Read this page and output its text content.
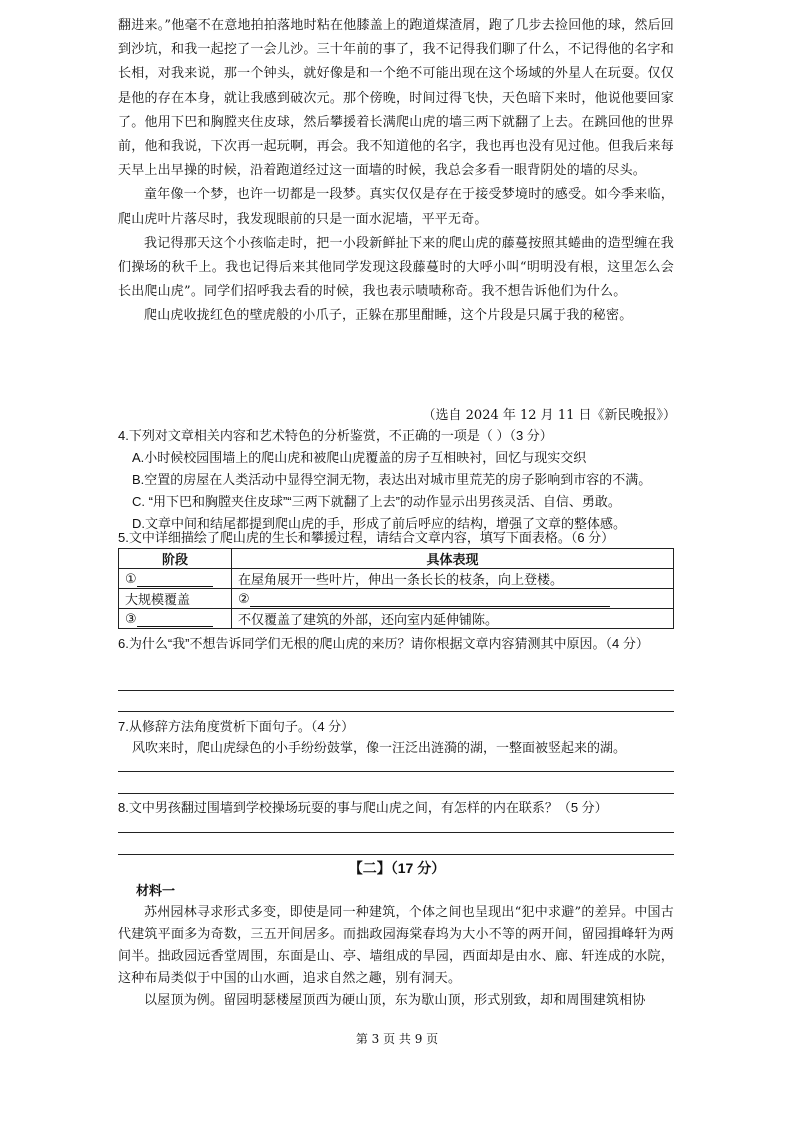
翻进来。”他毫不在意地拍拍落地时粘在他膝盖上的跑道煤渣屑，跑了几步去捡回他的球，然后回到沙坑，和我一起挖了一会儿沙。三十年前的事了，我不记得我们聊了什么，不记得他的名字和长相，对我来说，那一个钟头，就好像是和一个绝不可能出现在这个场域的外星人在玩耍。仅仅是他的存在本身，就让我感到破次元。那个傍晚，时间过得飞快，天色暗下来时，他说他要回家了。他用下巴和胸膛夹住皮球，然后攀援着长满爬山虎的墙三两下就翻了上去。在跳回他的世界前，他和我说，下次再一起玩啊，再会。我不知道他的名字，我也再也没有见过他。但我后来每天早上出早操的时候，沿着跑道经过这一面墙的时候，我总会多看一眼背阴处的墙的尽头。

童年像一个梦，也许一切都是一段梦。真实仅仅是存在于接受梦境时的感受。如今季来临，爬山虎叶片落尽时，我发现眼前的只是一面水泥墙，平平无奇。

我记得那天这个小孩临走时，把一小段新鲜扯下来的爬山虎的藤蔓按照其蜷曲的造型缠在我们操场的秋千上。我也记得后来其他同学发现这段藤蔓时的大呼小叫“明明没有根，这里怎么会长出爬山虎”。同学们招呼我去看的时候，我也表示啧啧称奇。我不想告诉他们为什么。

爬山虎收拢红色的壁虎般的小爪子，正躲在那里酣睡，这个片段是只属于我的秘密。

（选自 2024 年 12 月 11 日《新民晚报》）
4.下列对文章相关内容和艺术特色的分析鉴赏，不正确的一项是（ ）（3 分）
A.小时候校园围墙上的爬山虎和被爬山虎覆盖的房子互相映衬，回忆与现实交织
B.空置的房屋在人类活动中显得空洞无物，表达出对城市里荒芜的房子影响到市容的不满。
C. “用下巴和胸膛夹住皮球”“三两下就翻了上去”的动作显示出男孩灵活、自信、勇敢。
D.文章中间和结尾都提到爬山虎的手，形成了前后呼应的结构，增强了文章的整体感。
5.文中详细描绘了爬山虎的生长和攀援过程，请结合文章内容，填写下面表格。（6 分）
阶段	具体表现
①	在屋角展开一些叶片，伸出一条长长的枝条，向上登楼。
大规模覆盖	②
③	不仅覆盖了建筑的外部，还向室内延伸铺陈。
6.为什么“我”不想告诉同学们无根的爬山虎的来历？请你根据文章内容猜测其中原因。（4 分）
7.从修辞方法角度赏析下面句子。（4 分）
风吹来时，爬山虎绿色的小手纷纷鼓掌，像一汪泛出涟漪的湖，一整面被竖起来的湖。
8.文中男孩翻过围墙到学校操场玩耍的事与爬山虎之间，有怎样的内在联系？（5 分）
【二】（17 分）
材料一

苏州园林寻求形式多变，即使是同一种建筑，个体之间也呈现出“犯中求避”的差异。中国古代建筑平面多为奇数，三五开间居多。而拙政园海棠春坞为大小不等的两开间，留园揖峰轩为两间半。拙政园远香堂周围，东面是山、亭、墙组成的旱园，西面却是由水、廊、轩连成的水院，这种布局类似于中国的山水画，追求自然之趣，别有洞天。

以屋顶为例。留园明瑟楼屋顶西为硬山顶，东为歇山顶，形式别致，却和周围建筑相协

第 3 页 共 9 页
